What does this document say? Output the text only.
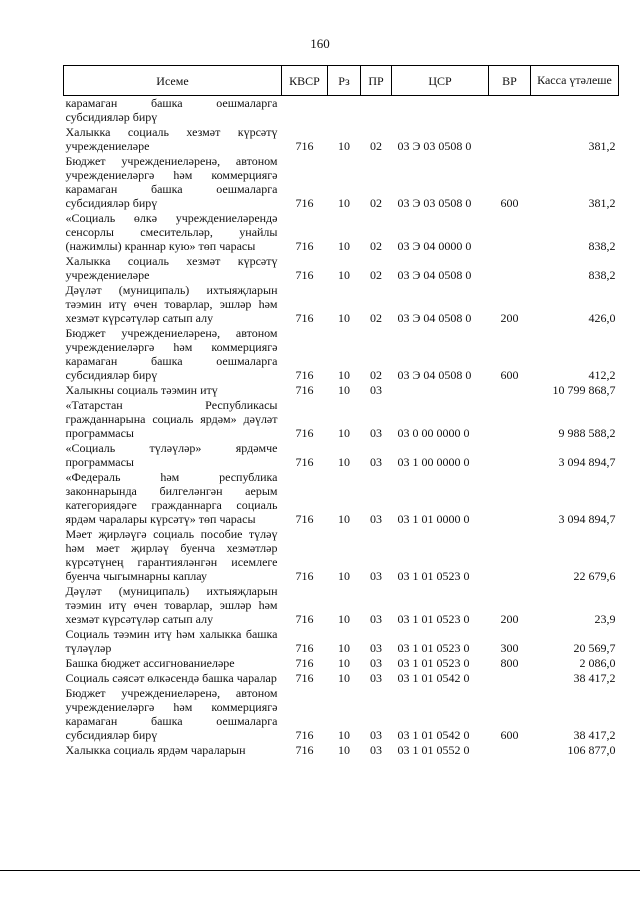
160
Исеме	КВСР	Рз	ПР	ЦСР	ВР	Касса үтәлеше
карамаган башка оешмаларга субсидияләр бирү						
Халыкка социаль хезмәт күрсәтү учреждениеләре	716	10	02	03 Э 03 0508 0		381,2
Бюджет учреждениеләренә, автоном учреждениеләргә һәм коммерциягә карамаган башка оешмаларга субсидияләр бирү	716	10	02	03 Э 03 0508 0	600	381,2
«Социаль өлкә учреждениеләрендә сенсорлы смесительләр, унайлы (нажимлы) краннар кую» төп чарасы	716	10	02	03 Э 04 0000 0		838,2
Халыкка социаль хезмәт күрсәтү учреждениеләре	716	10	02	03 Э 04 0508 0		838,2
Дәүләт (муниципаль) ихтыяҗларын тәэмин итү өчен товарлар, эшләр һәм хезмәт күрсәтүләр сатып алу	716	10	02	03 Э 04 0508 0	200	426,0
Бюджет учреждениеләренә, автоном учреждениеләргә һәм коммерциягә карамаган башка оешмаларга субсидияләр бирү	716	10	02	03 Э 04 0508 0	600	412,2
Халыкны социаль тәэмин итү	716	10	03			10 799 868,7
«Татарстан Республикасы гражданнарына социаль ярдәм» дәүләт программасы	716	10	03	03 0 00 0000 0		9 988 588,2
«Социаль түләүләр» ярдәмче программасы	716	10	03	03 1 00 0000 0		3 094 894,7
«Федераль һәм республика законнарында билгеләнгән аерым категориядәге гражданнарга социаль ярдәм чаралары күрсәтү» төп чарасы	716	10	03	03 1 01 0000 0		3 094 894,7
Мәет җирләүгә социаль пособие түләү һәм мәет җирләү буенча хезмәтләр күрсәтүнең гарантияләнгән исемлеге буенча чыгымнарны каплау	716	10	03	03 1 01 0523 0		22 679,6
Дәүләт (муниципаль) ихтыяҗларын тәэмин итү өчен товарлар, эшләр һәм хезмәт күрсәтүләр сатып алу	716	10	03	03 1 01 0523 0	200	23,9
Социаль тәэмин итү һәм халыкка башка түләүләр	716	10	03	03 1 01 0523 0	300	20 569,7
Башка бюджет ассигнованиеләре	716	10	03	03 1 01 0523 0	800	2 086,0
Социаль сәясәт өлкәсендә башка чаралар	716	10	03	03 1 01 0542 0		38 417,2
Бюджет учреждениеләренә, автоном учреждениеләргә һәм коммерциягә карамаган башка оешмаларга субсидияләр бирү	716	10	03	03 1 01 0542 0	600	38 417,2
Халыкка социаль ярдәм чараларын	716	10	03	03 1 01 0552 0		106 877,0
